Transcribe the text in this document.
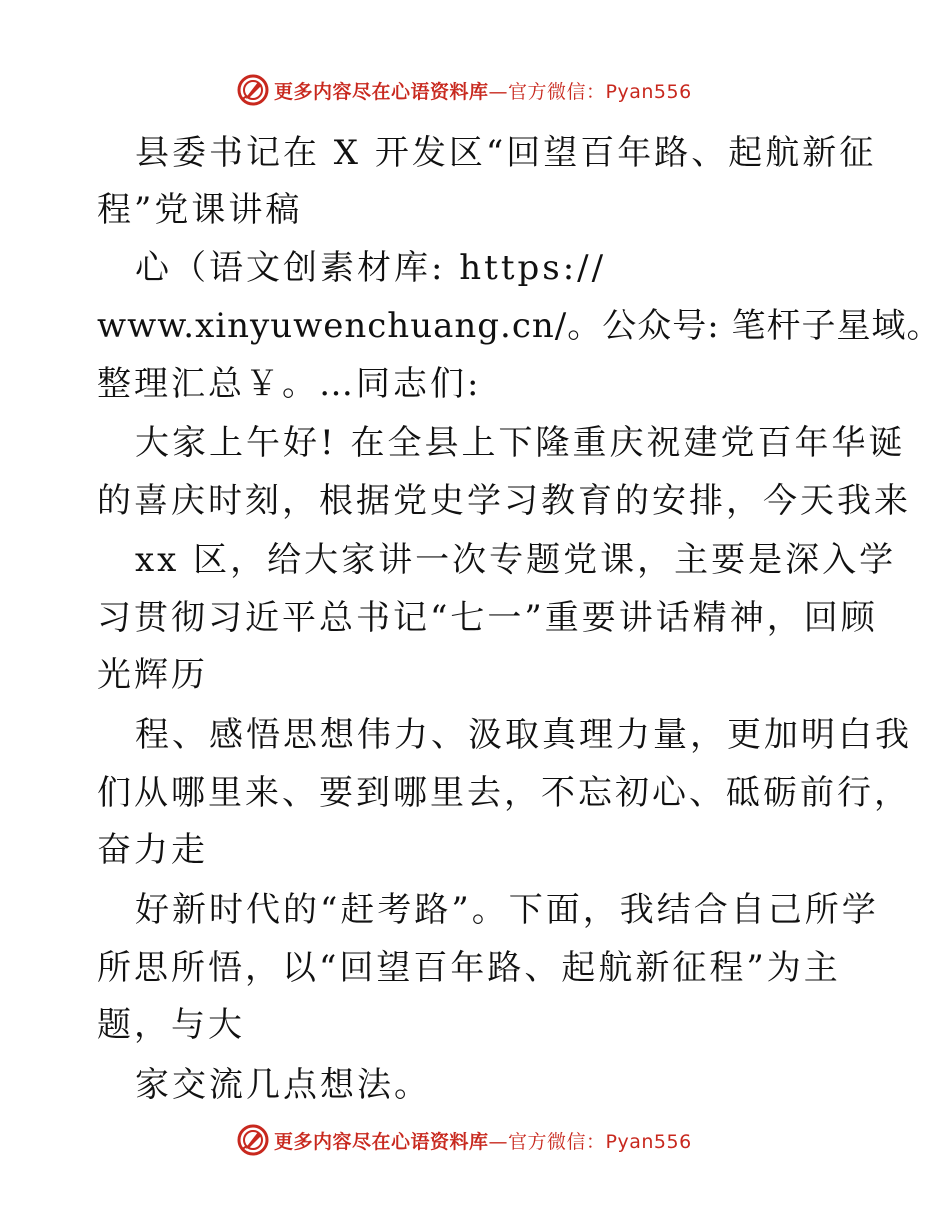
更多内容尽在心语资料库 —官方微信：Pyan556
县委书记在 X 开发区“回望百年路、起航新征
程”党课讲稿
心（语文创素材库: https://
www.xinyuwenchuang.cn/。公众号: 笔杆子星域。
整理汇总￥。…同志们:
大家上午好! 在全县上下隆重庆祝建党百年华诞
的喜庆时刻，根据党史学习教育的安排，今天我来
xx 区，给大家讲一次专题党课，主要是深入学
习贯彻习近平总书记“七一”重要讲话精神，回顾
光辉历
程、感悟思想伟力、汲取真理力量，更加明白我
们从哪里来、要到哪里去，不忘初心、砥砺前行，
奋力走
好新时代的“赶考路”。下面，我结合自己所学
所思所悟，以“回望百年路、起航新征程”为主
题，与大
家交流几点想法。
更多内容尽在心语资料库 —官方微信：Pyan556
